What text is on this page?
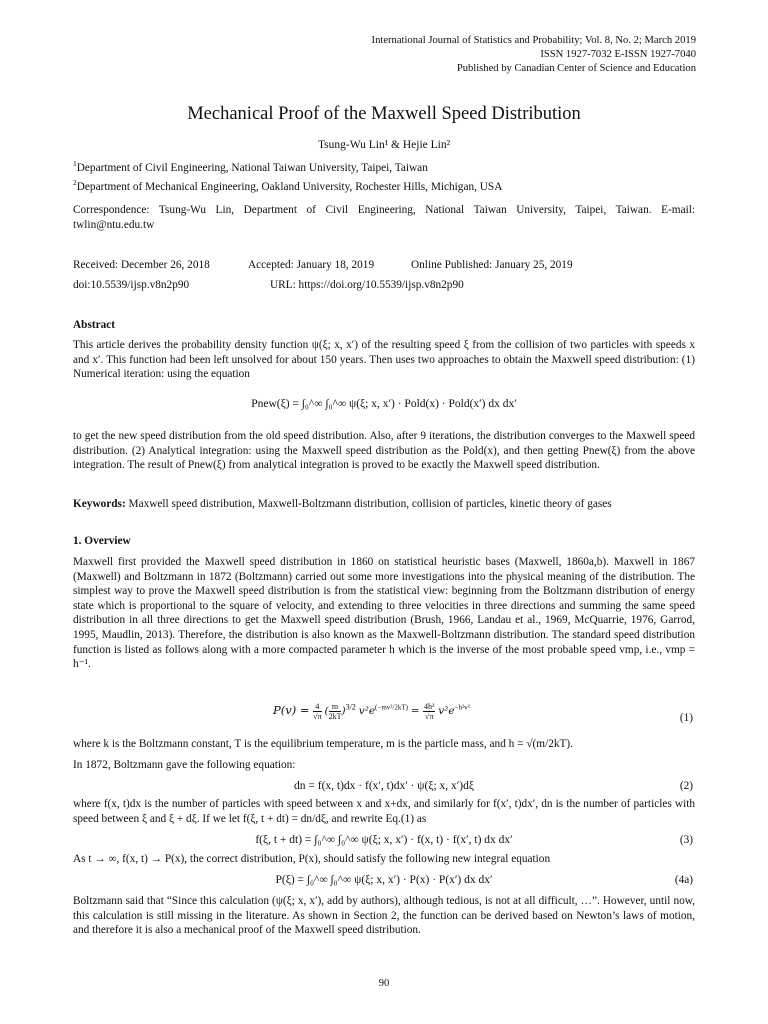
International Journal of Statistics and Probability; Vol. 8, No. 2; March 2019
ISSN 1927-7032 E-ISSN 1927-7040
Published by Canadian Center of Science and Education
Mechanical Proof of the Maxwell Speed Distribution
Tsung-Wu Lin¹ & Hejie Lin²
$^1$Department of Civil Engineering, National Taiwan University, Taipei, Taiwan
$^2$Department of Mechanical Engineering, Oakland University, Rochester Hills, Michigan, USA
Correspondence: Tsung-Wu Lin, Department of Civil Engineering, National Taiwan University, Taipei, Taiwan. E-mail: twlin@ntu.edu.tw
Received: December 26, 2018	Accepted: January 18, 2019	Online Published: January 25, 2019
doi:10.5539/ijsp.v8n2p90	URL: https://doi.org/10.5539/ijsp.v8n2p90
Abstract
This article derives the probability density function ψ(ξ; x, x′) of the resulting speed ξ from the collision of two particles with speeds x and x′. This function had been left unsolved for about 150 years. Then uses two approaches to obtain the Maxwell speed distribution: (1) Numerical iteration: using the equation
Pnew(ξ) = ∫₀^∞ ∫₀^∞ ψ(ξ; x, x′) · Pold(x) · Pold(x′) dx dx′
to get the new speed distribution from the old speed distribution. Also, after 9 iterations, the distribution converges to the Maxwell speed distribution. (2) Analytical integration: using the Maxwell speed distribution as the Pold(x), and then getting Pnew(ξ) from the above integration. The result of Pnew(ξ) from analytical integration is proved to be exactly the Maxwell speed distribution.
Keywords: Maxwell speed distribution, Maxwell-Boltzmann distribution, collision of particles, kinetic theory of gases
1. Overview
Maxwell first provided the Maxwell speed distribution in 1860 on statistical heuristic bases (Maxwell, 1860a,b). Maxwell in 1867 (Maxwell) and Boltzmann in 1872 (Boltzmann) carried out some more investigations into the physical meaning of the distribution. The simplest way to prove the Maxwell speed distribution is from the statistical view: beginning from the Boltzmann distribution of energy state which is proportional to the square of velocity, and extending to three velocities in three directions and summing the same speed distribution in all three directions to get the Maxwell speed distribution (Brush, 1966, Landau et al., 1969, McQuarrie, 1976, Garrod, 1995, Maudlin, 2013). Therefore, the distribution is also known as the Maxwell-Boltzmann distribution. The standard speed distribution function is listed as follows along with a more compacted parameter h which is the inverse of the most probable speed vmp, i.e., vmp = h⁻¹.
$P(v) = \frac{4}{√\pi}$ ( $\frac{m}{2kT} )^{3/2}$ $v^2e^{(-mv^2/2kT)} = \frac{\text{4h³}}{√\pi} v^2e^{-h^2v^2}$
(1)
where k is the Boltzmann constant, T is the equilibrium temperature, m is the particle mass, and h = √(m/2kT).
In 1872, Boltzmann gave the following equation:
dn = f(x, t)dx · f(x′, t)dx′ · ψ(ξ; x, x′)dξ	(2)
where f(x, t)dx is the number of particles with speed between x and x+dx, and similarly for f(x′, t)dx′, dn is the number of particles with speed between ξ and ξ + dξ. If we let f(ξ, t + dt) = dn/dξ, and rewrite Eq.(1) as
f(ξ, t + dt) = ∫₀^∞ ∫₀^∞ ψ(ξ; x, x′) · f(x, t) · f(x′, t) dx dx′	(3)
As t → ∞, f(x, t) → P(x), the correct distribution, P(x), should satisfy the following new integral equation
P(ξ) = ∫₀^∞ ∫₀^∞ ψ(ξ; x, x′) · P(x) · P(x′) dx dx′	(4a)
Boltzmann said that “Since this calculation (ψ(ξ; x, x′), add by authors), although tedious, is not at all difficult, …”. However, until now, this calculation is still missing in the literature. As shown in Section 2, the function can be derived based on Newton’s laws of motion, and therefore it is also a mechanical proof of the Maxwell speed distribution.
90
